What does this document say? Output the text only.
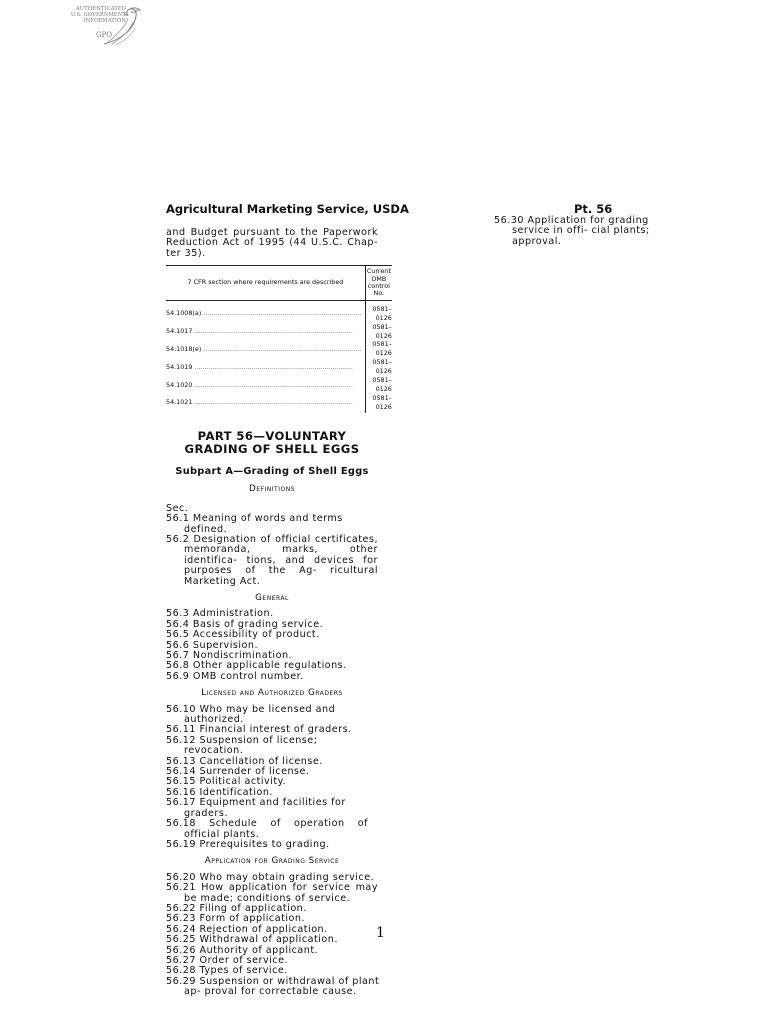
AUTHENTICATED
U.S. GOVERNMENT
INFORMATION
GPO
Agricultural Marketing Service, USDA	Pt. 56
56.30 Application for grading service in offi- cial plants; approval.
and Budget pursuant to the Paperwork Reduction Act of 1995 (44 U.S.C. Chap- ter 35).
7 CFR section where requirements are described	Current OMB control No.
54.1008(a) ..............................................................................	0581–0126
54.1017 ..............................................................................	0581–0126
54.1018(e) ..............................................................................	0581–0126
54.1019 ..............................................................................	0581–0126
54.1020 ..............................................................................	0581–0126
54.1021 ..............................................................................	0581–0126
PART 56—VOLUNTARY GRADING OF SHELL EGGS
Subpart A—Grading of Shell Eggs
Definitions
Sec.
56.1 Meaning of words and terms defined.
56.2 Designation of official certificates, memoranda, marks, other identifica- tions, and devices for purposes of the Ag- ricultural Marketing Act.
General
56.3 Administration.
56.4 Basis of grading service.
56.5 Accessibility of product.
56.6 Supervision.
56.7 Nondiscrimination.
56.8 Other applicable regulations.
56.9 OMB control number.
Licensed and Authorized Graders
56.10 Who may be licensed and authorized.
56.11 Financial interest of graders.
56.12 Suspension of license; revocation.
56.13 Cancellation of license.
56.14 Surrender of license.
56.15 Political activity.
56.16 Identification.
56.17 Equipment and facilities for graders.
56.18 Schedule of operation of official plants.
56.19 Prerequisites to grading.
Application for Grading Service
56.20 Who may obtain grading service.
56.21 How application for service may be made; conditions of service.
56.22 Filing of application.
56.23 Form of application.
56.24 Rejection of application.
56.25 Withdrawal of application.
56.26 Authority of applicant.
56.27 Order of service.
56.28 Types of service.
56.29 Suspension or withdrawal of plant ap- proval for correctable cause.
1
